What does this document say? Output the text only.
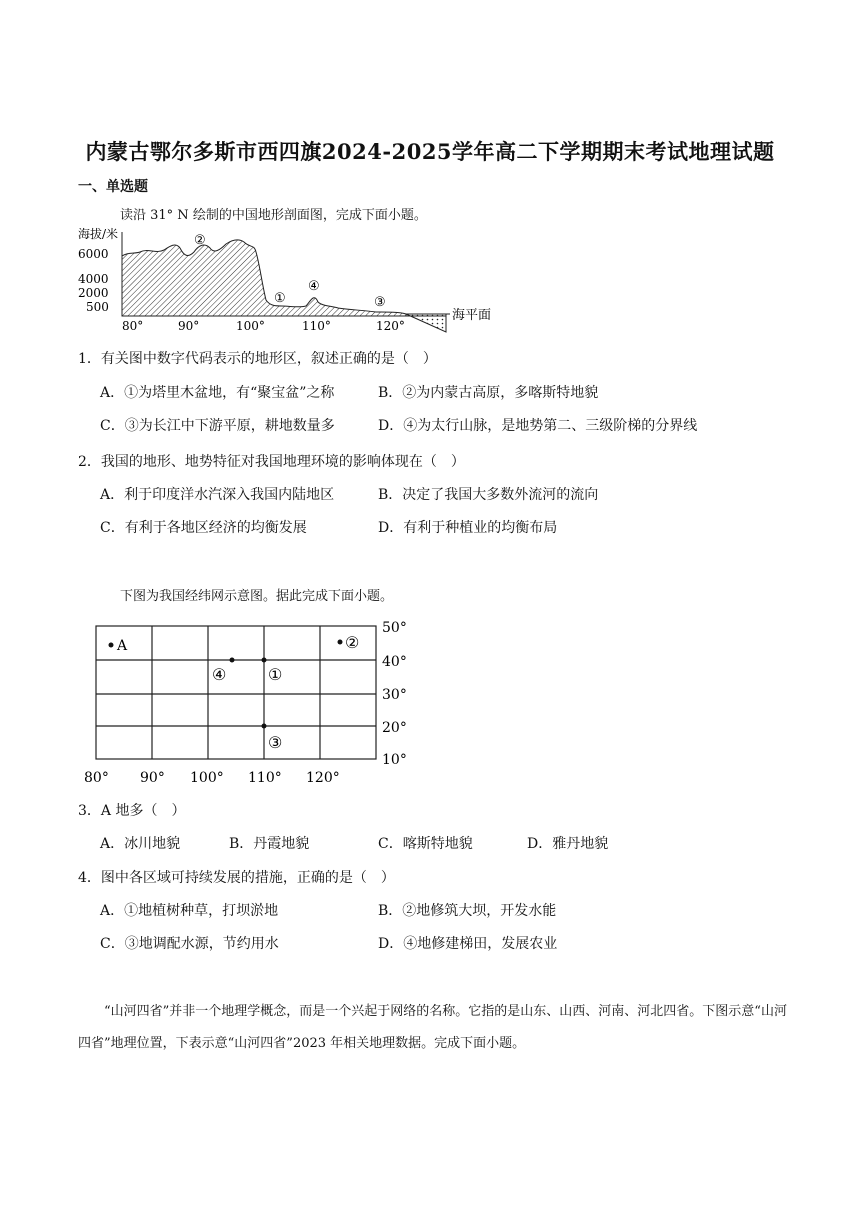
内蒙古鄂尔多斯市西四旗2024-2025学年高二下学期期末考试地理试题
一、单选题
读沿 31° N 绘制的中国地形剖面图，完成下面小题。
海拔/米
6000
4000
2000
500
海平面
②
①
④
③
80°	90°	100°	110°	120°
1．有关图中数字代码表示的地形区，叙述正确的是（　）
A．①为塔里木盆地，有“聚宝盆”之称	B．②为内蒙古高原，多喀斯特地貌
C．③为长江中下游平原，耕地数量多	D．④为太行山脉，是地势第二、三级阶梯的分界线
2．我国的地形、地势特征对我国地理环境的影响体现在（　）
A．利于印度洋水汽深入我国内陆地区	B．决定了我国大多数外流河的流向
C．有利于各地区经济的均衡发展	D．有利于种植业的均衡布局
下图为我国经纬网示意图。据此完成下面小题。
50°
40°
30°
20°
10°
80° 90° 100° 110° 120°
A	②
④	①
③
3．A 地多（　）
A．冰川地貌	B．丹霞地貌	C．喀斯特地貌	D．雅丹地貌
4．图中各区域可持续发展的措施，正确的是（　）
A．①地植树种草，打坝淤地	B．②地修筑大坝，开发水能
C．③地调配水源，节约用水	D．④地修建梯田，发展农业
“山河四省”并非一个地理学概念，而是一个兴起于网络的名称。它指的是山东、山西、河南、河北四省。下图示意“山河四省”地理位置，下表示意“山河四省”2023 年相关地理数据。完成下面小题。
